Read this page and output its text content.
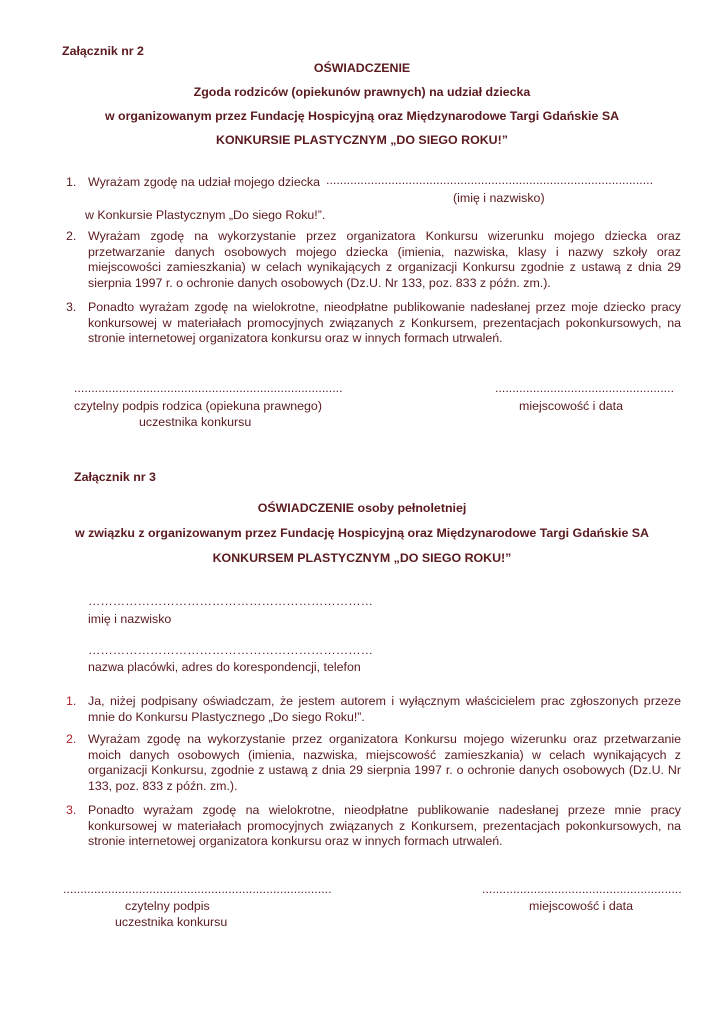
Załącznik nr 2
OŚWIADCZENIE
Zgoda rodziców (opiekunów prawnych) na udział dziecka
w organizowanym przez Fundację Hospicyjną oraz Międzynarodowe Targi Gdańskie SA
KONKURSIE PLASTYCZNYM „DO SIEGO ROKU!”
1. Wyrażam zgodę na udział mojego dziecka ...............................................................................................
(imię i nazwisko)
w Konkursie Plastycznym „Do siego Roku!”.
2. Wyrażam zgodę na wykorzystanie przez organizatora Konkursu wizerunku mojego dziecka oraz przetwarzanie danych osobowych mojego dziecka (imienia, nazwiska, klasy i nazwy szkoły oraz miejscowości zamieszkania) w celach wynikających z organizacji Konkursu zgodnie z ustawą z dnia 29 sierpnia 1997 r. o ochronie danych osobowych (Dz.U. Nr 133, poz. 833 z późn. zm.).
3. Ponadto wyrażam zgodę na wielokrotne, nieodpłatne publikowanie nadesłanej przez moje dziecko pracy konkursowej w materiałach promocyjnych związanych z Konkursem, prezentacjach pokonkursowych, na stronie internetowej organizatora konkursu oraz w innych formach utrwaleń.
..............................................................................
czytelny podpis rodzica (opiekuna prawnego)
uczestnika konkursu
....................................................
miejscowość i data
Załącznik nr 3
OŚWIADCZENIE osoby pełnoletniej
w związku z organizowanym przez Fundację Hospicyjną oraz Międzynarodowe Targi Gdańskie SA
KONKURSEM PLASTYCZNYM „DO SIEGO ROKU!”
……………………………………………………………
imię i nazwisko
……………………………………………………………
nazwa placówki, adres do korespondencji, telefon
1. Ja, niżej podpisany oświadczam, że jestem autorem i wyłącznym właścicielem prac zgłoszonych przeze mnie do Konkursu Plastycznego „Do siego Roku!”.
2. Wyrażam zgodę na wykorzystanie przez organizatora Konkursu mojego wizerunku oraz przetwarzanie moich danych osobowych (imienia, nazwiska, miejscowość zamieszkania) w celach wynikających z organizacji Konkursu, zgodnie z ustawą z dnia 29 sierpnia 1997 r. o ochronie danych osobowych (Dz.U. Nr 133, poz. 833 z późn. zm.).
3. Ponadto wyrażam zgodę na wielokrotne, nieodpłatne publikowanie nadesłanej przeze mnie pracy konkursowej w materiałach promocyjnych związanych z Konkursem, prezentacjach pokonkursowych, na stronie internetowej organizatora konkursu oraz w innych formach utrwaleń.
..............................................................................
czytelny podpis
uczestnika konkursu
..........................................................
miejscowość i data
